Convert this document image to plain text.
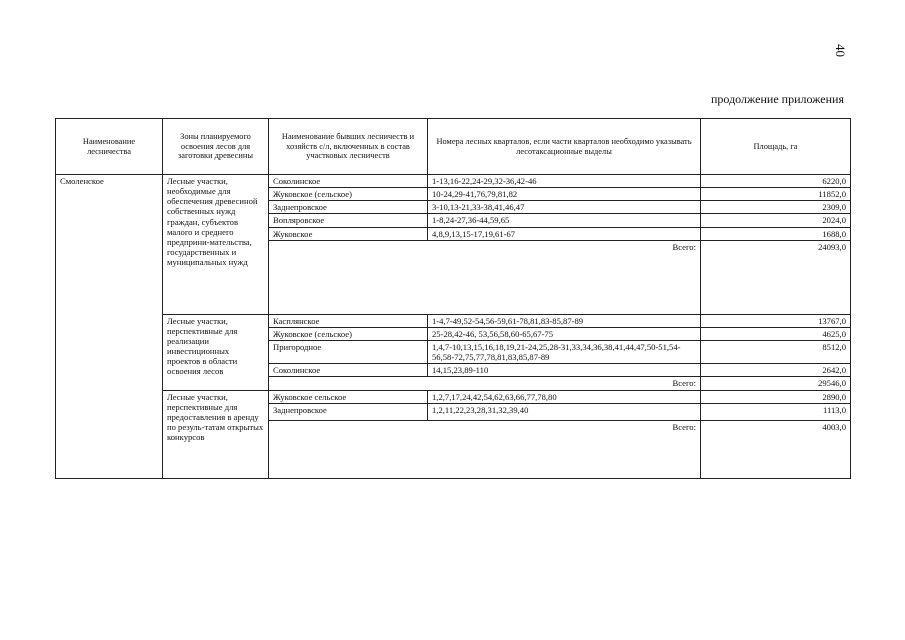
40
продолжение приложения
Наименование лесничества	Зоны планируемого освоения лесов для заготовки древесины	Наименование бывших лесничеств и хозяйств с/л, включенных в состав участковых лесничеств	Номера лесных кварталов, если части кварталов необходимо указывать лесотаксационные выделы	Площадь, га
Смоленское	Лесные участки, необходимые для обеспечения древесиной собственных нужд граждан, субъектов малого и среднего предприни-мательства, государственных и муниципальных нужд	Соколинское	1-13,16-22,24-29,32-36,42-46	6220,0
		Жуковское (сельское)	10-24,29-41,76,79,81,82	11852,0
		Заднепровское	3-10,13-21,33-38,41,46,47	2309,0
		Вопляровское	1-8,24-27,36-44,59,65	2024,0
		Жуковское	4,8,9,13,15-17,19,61-67	1688,0
		Всего:		24093,0
	Лесные участки, перспективные для реализации инвестиционных проектов в области освоения лесов	Касплянское	1-4,7-49,52-54,56-59,61-78,81,83-85,87-89	13767,0
		Жуковское (сельское)	25-28,42-46, 53,56,58,60-65,67-75	4625,0
		Пригородное	1,4,7-10,13,15,16,18,19,21-24,25,28-31,33,34,36,38,41,44,47,50-51,54-56,58-72,75,77,78,81,83,85,87-89	8512,0
		Соколинское	14,15,23,89-110	2642,0
		Всего:		29546,0
	Лесные участки, перспективные для предоставления в аренду по резуль-татам открытых конкурсов	Жуковское сельское	1,2,7,17,24,42,54,62,63,66,77,78,80	2890,0
		Заднепровское	1,2,11,22,23,28,31,32,39,40	1113,0
		Всего:		4003,0
